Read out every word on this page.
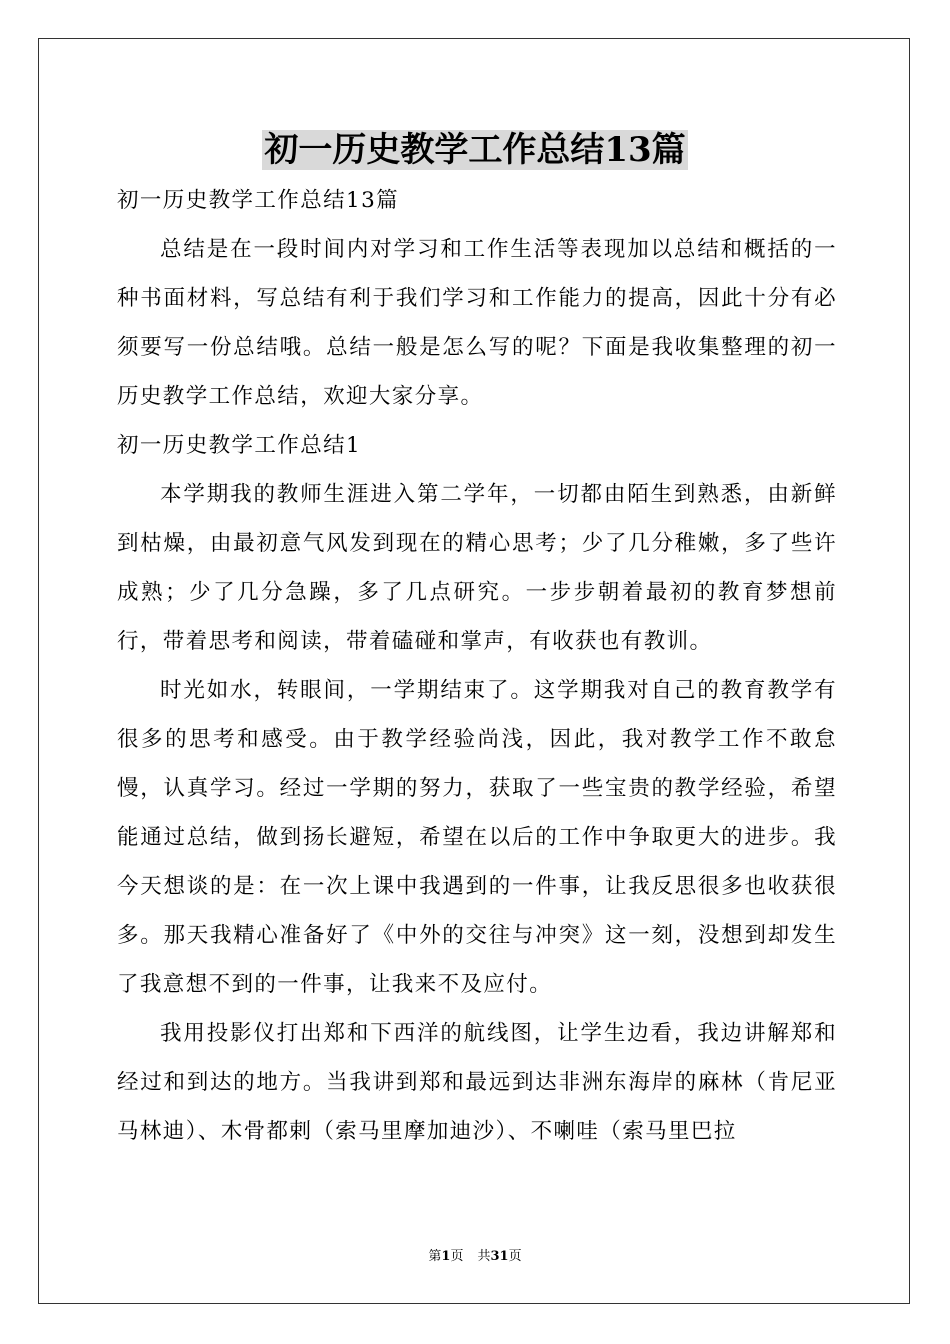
初一历史教学工作总结13篇

初一历史教学工作总结13篇

总结是在一段时间内对学习和工作生活等表现加以总结和概括的一种书面材料，写总结有利于我们学习和工作能力的提高，因此十分有必须要写一份总结哦。总结一般是怎么写的呢？下面是我收集整理的初一历史教学工作总结，欢迎大家分享。

初一历史教学工作总结1

本学期我的教师生涯进入第二学年，一切都由陌生到熟悉，由新鲜到枯燥，由最初意气风发到现在的精心思考；少了几分稚嫩，多了些许成熟；少了几分急躁，多了几点研究。一步步朝着最初的教育梦想前行，带着思考和阅读，带着磕碰和掌声，有收获也有教训。

时光如水，转眼间，一学期结束了。这学期我对自己的教育教学有很多的思考和感受。由于教学经验尚浅，因此，我对教学工作不敢怠慢，认真学习。经过一学期的努力，获取了一些宝贵的教学经验，希望能通过总结，做到扬长避短，希望在以后的工作中争取更大的进步。我今天想谈的是：在一次上课中我遇到的一件事，让我反思很多也收获很多。那天我精心准备好了《中外的交往与冲突》这一刻，没想到却发生了我意想不到的一件事，让我来不及应付。

我用投影仪打出郑和下西洋的航线图，让学生边看，我边讲解郑和经过和到达的地方。当我讲到郑和最远到达非洲东海岸的麻林（肯尼亚马林迪）、木骨都剌（索马里摩加迪沙）、不喇哇（索马里巴拉

第1页 共31页
